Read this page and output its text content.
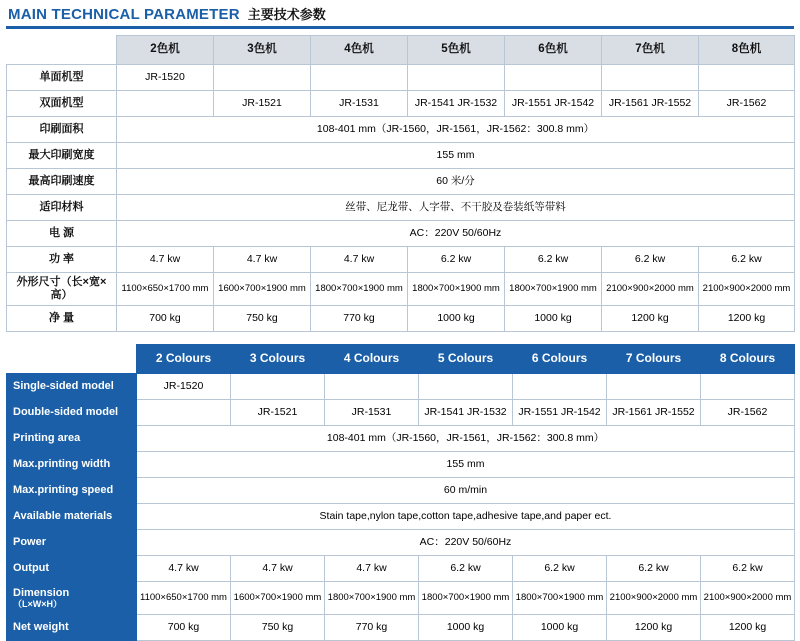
MAIN TECHNICAL PARAMETER 主要技术参数
	2色机	3色机	4色机	5色机	6色机	7色机	8色机
单面机型	JR-1520						
双面机型		JR-1521	JR-1531	JR-1541 JR-1532	JR-1551 JR-1542	JR-1561 JR-1552	JR-1562
印刷面积	108-401 mm（JR-1560，JR-1561，JR-1562：300.8 mm）						
最大印刷宽度	155 mm						
最高印刷速度	60 米/分						
适印材料	丝带、尼龙带、人字带、不干胶及卷装纸等带料						
电 源	AC：220V 50/60Hz						
功 率	4.7 kw	4.7 kw	4.7 kw	6.2 kw	6.2 kw	6.2 kw	6.2 kw
外形尺寸（长×宽×高）	1100×650×1700 mm	1600×700×1900 mm	1800×700×1900 mm	1800×700×1900 mm	1800×700×1900 mm	2100×900×2000 mm	2100×900×2000 mm
净 量	700 kg	750 kg	770 kg	1000 kg	1000 kg	1200 kg	1200 kg
	2 Colours	3 Colours	4 Colours	5 Colours	6 Colours	7 Colours	8 Colours
Single-sided model	JR-1520						
Double-sided model		JR-1521	JR-1531	JR-1541 JR-1532	JR-1551 JR-1542	JR-1561 JR-1552	JR-1562
Printing area	108-401 mm（JR-1560，JR-1561，JR-1562：300.8 mm）						
Max.printing width	155 mm						
Max.printing speed	60 m/min						
Available materials	Stain tape,nylon tape,cotton tape,adhesive tape,and paper ect.						
Power	AC：220V 50/60Hz						
Output	4.7 kw	4.7 kw	4.7 kw	6.2 kw	6.2 kw	6.2 kw	6.2 kw
Dimension
（L×W×H）	1100×650×1700 mm	1600×700×1900 mm	1800×700×1900 mm	1800×700×1900 mm	1800×700×1900 mm	2100×900×2000 mm	2100×900×2000 mm
Net weight	700 kg	750 kg	770 kg	1000 kg	1000 kg	1200 kg	1200 kg
